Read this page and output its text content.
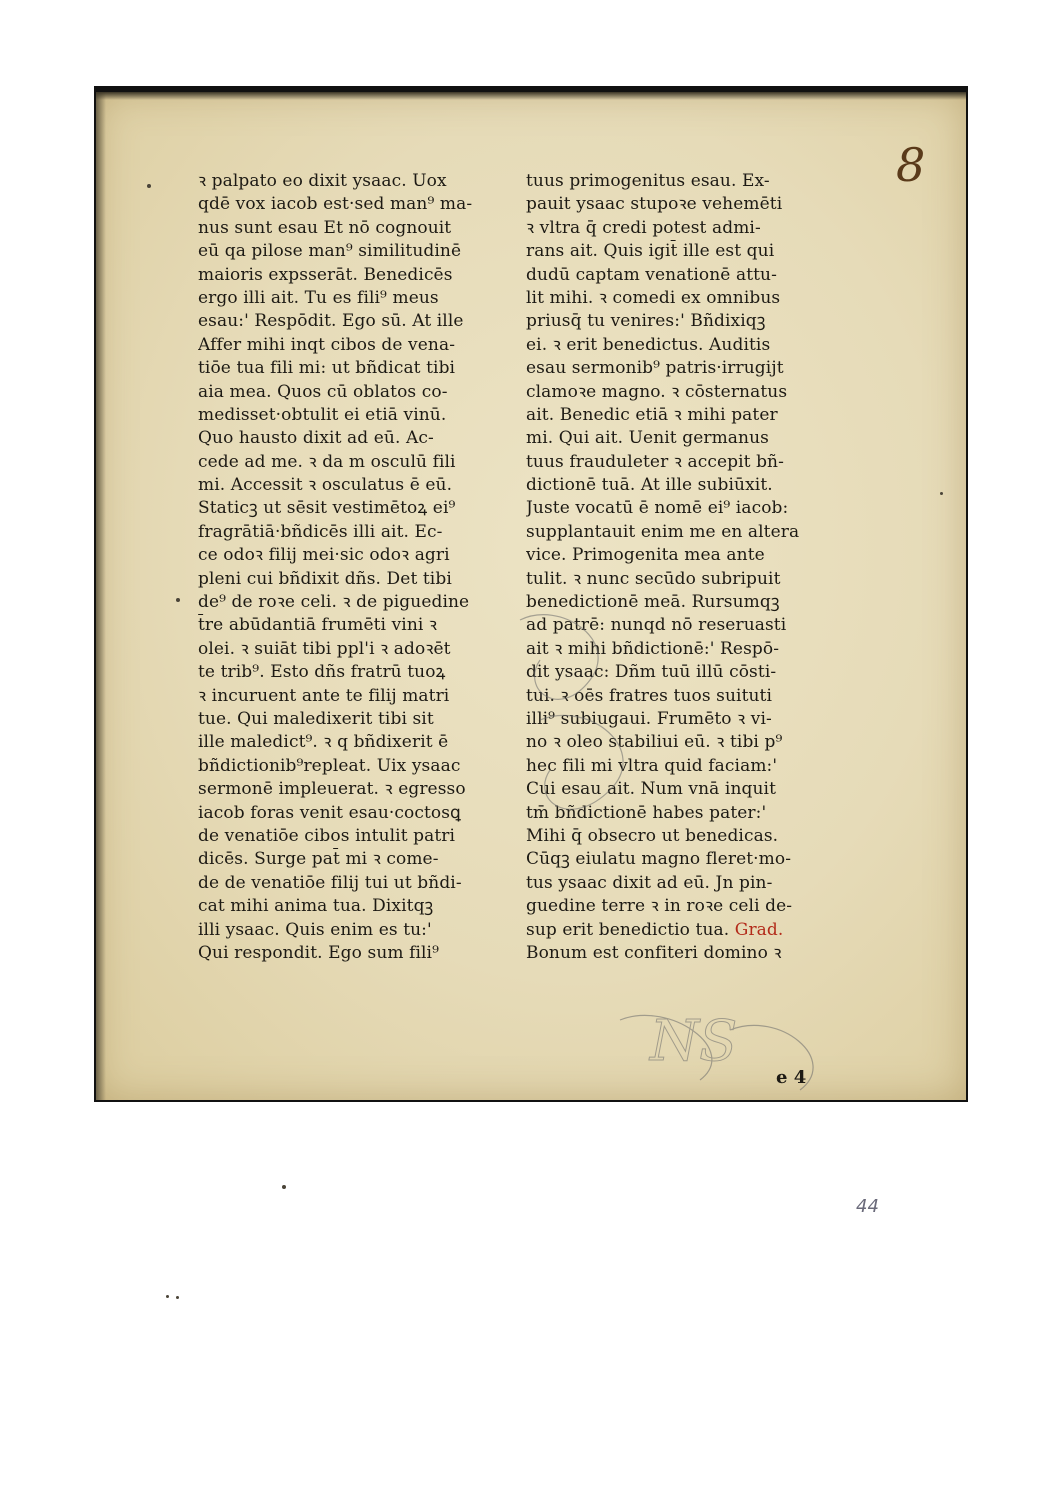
8
ꝛ palpato eo dixit ysaac. Uox
qdē vox iacob est·sed man⁹ ma-
nus sunt esau Et nō cognouit
eū qa pilose man⁹ similitudinē
maioris expsserāt. Benedicēs
ergo illi ait. Tu es fili⁹ meus
esau:' Respōdit. Ego sū. At ille
Affer mihi inqt cibos de vena-
tiōe tua fili mi: ut bñdicat tibi
aia mea. Quos cū oblatos co-
medisset·obtulit ei etiā vinū.
Quo hausto dixit ad eū. Ac-
cede ad me. ꝛ da m osculū fili
mi. Accessit ꝛ osculatus ē eū.
Staticꝫ ut sēsit vestimētoꝝ ei⁹
fragrātiā·bñdicēs illi ait. Ec-
ce odoꝛ filij mei·sic odoꝛ agri
pleni cui bñdixit dñs. Det tibi
de⁹ de roꝛe celi. ꝛ de piguedine
t̄re abūdantiā frumēti vini ꝛ
olei. ꝛ suiāt tibi ppl'i ꝛ adoꝛēt
te trib⁹. Esto dñs fratrū tuoꝝ
ꝛ incuruent ante te filij matri
tue. Qui maledixerit tibi sit
ille maledict⁹. ꝛ q bñdixerit ē
bñdictionib⁹repleat. Uix ysaac
sermonē impleuerat. ꝛ egresso
iacob foras venit esau·coctosꝗ
de venatiōe cibos intulit patri
dicēs. Surge pat̄ mi ꝛ come-
de de venatiōe filij tui ut bñdi-
cat mihi anima tua. Dixitqꝫ
illi ysaac. Quis enim es tu:'
Qui respondit. Ego sum fili⁹
tuus primogenitus esau. Ex-
pauit ysaac stupoꝛe vehemēti
ꝛ vltra q̄ credi potest admi-
rans ait. Quis igit̄ ille est qui
dudū captam venationē attu-
lit mihi. ꝛ comedi ex omnibus
priusq̄ tu venires:' Bñdixiqꝫ
ei. ꝛ erit benedictus. Auditis
esau sermonib⁹ patris·irrugijt
clamoꝛe magno. ꝛ cōsternatus
ait. Benedic etiā ꝛ mihi pater
mi. Qui ait. Uenit germanus
tuus frauduleter ꝛ accepit bñ-
dictionē tuā. At ille subiūxit.
Juste vocatū ē nomē ei⁹ iacob:
supplantauit enim me en altera
vice. Primogenita mea ante
tulit. ꝛ nunc secūdo subripuit
benedictionē meā. Rursumqꝫ
ad patrē: nunqd nō reseruasti
ait ꝛ mihi bñdictionē:' Respō-
dit ysaac: Dñm tuū illū cōsti-
tui. ꝛ oēs fratres tuos suituti
illi⁹ subiugaui. Frumēto ꝛ vi-
no ꝛ oleo stabiliui eū. ꝛ tibi p⁹
hec fili mi vltra quid faciam:'
Cui esau ait. Num vnā inquit
tm̄ bñdictionē habes pater:'
Mihi q̄ obsecro ut benedicas.
Cūqꝫ eiulatu magno fleret·mo-
tus ysaac dixit ad eū. Jn pin-
guedine terre ꝛ in roꝛe celi de-
sup erit benedictio tua. Grad.
Bonum est confiteri domino ꝛ
e 4
NS
44
